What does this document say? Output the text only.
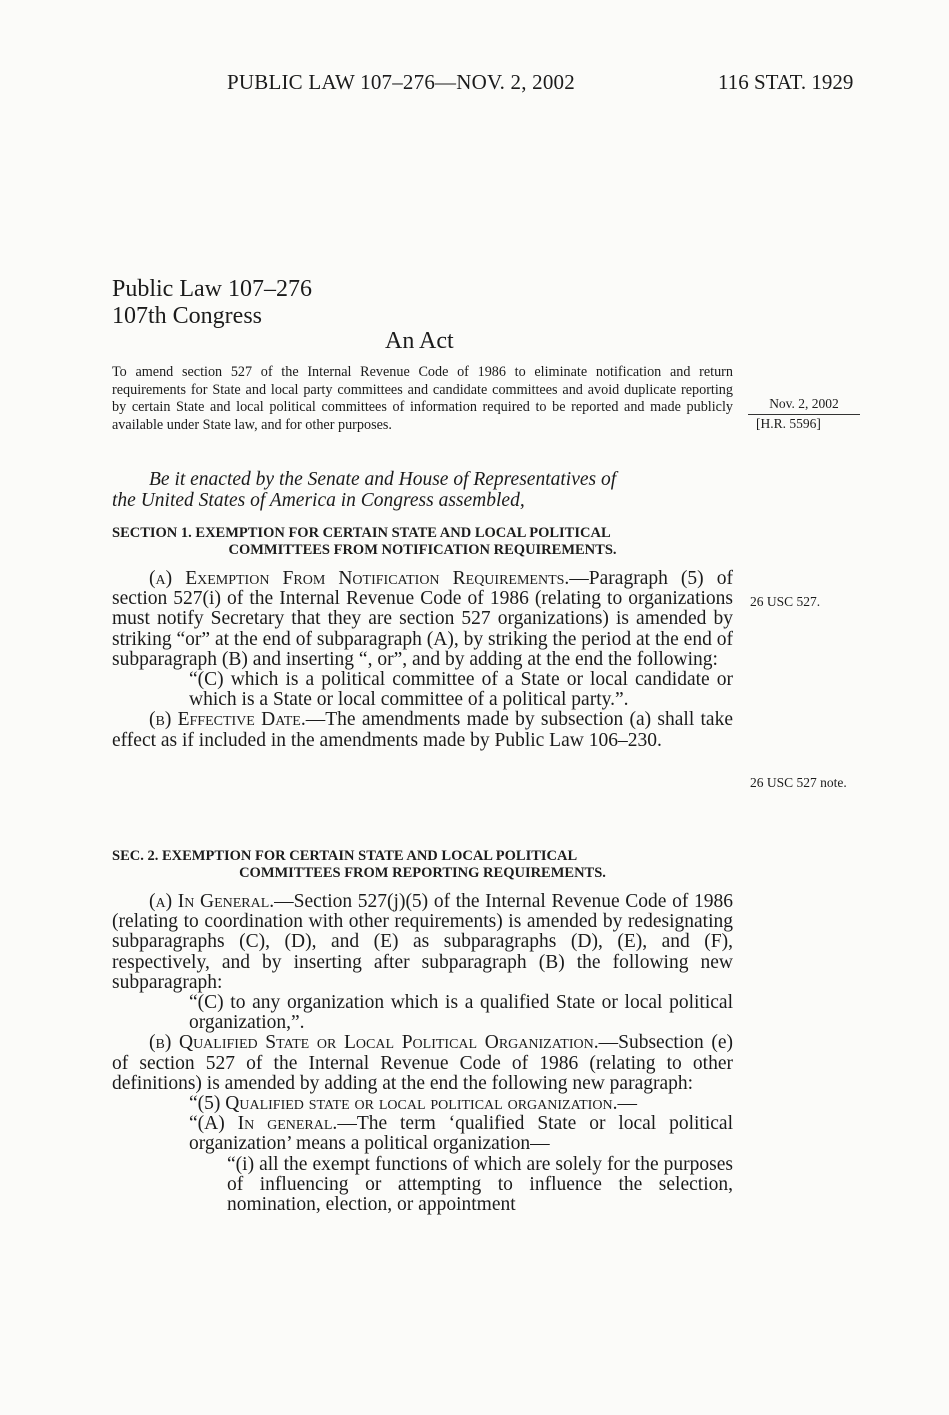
PUBLIC LAW 107–276—NOV. 2, 2002	116 STAT. 1929
Public Law 107–276
107th Congress
An Act
To amend section 527 of the Internal Revenue Code of 1986 to eliminate notification and return requirements for State and local party committees and candidate committees and avoid duplicate reporting by certain State and local political committees of information required to be reported and made publicly available under State law, and for other purposes.
Nov. 2, 2002
[H.R. 5596]
26 USC 527.
26 USC 527 note.
Be it enacted by the Senate and House of Representatives of
the United States of America in Congress assembled,
SECTION 1. EXEMPTION FOR CERTAIN STATE AND LOCAL POLITICAL
COMMITTEES FROM NOTIFICATION REQUIREMENTS.

(a) Exemption From Notification Requirements.—Paragraph (5) of section 527(i) of the Internal Revenue Code of 1986 (relating to organizations must notify Secretary that they are section 527 organizations) is amended by striking “or” at the end of subparagraph (A), by striking the period at the end of subparagraph (B) and inserting “, or”, and by adding at the end the following:

“(C) which is a political committee of a State or local candidate or which is a State or local committee of a political party.”.

(b) Effective Date.—The amendments made by subsection (a) shall take effect as if included in the amendments made by Public Law 106–230.

SEC. 2. EXEMPTION FOR CERTAIN STATE AND LOCAL POLITICAL
COMMITTEES FROM REPORTING REQUIREMENTS.

(a) In General.—Section 527(j)(5) of the Internal Revenue Code of 1986 (relating to coordination with other requirements) is amended by redesignating subparagraphs (C), (D), and (E) as subparagraphs (D), (E), and (F), respectively, and by inserting after subparagraph (B) the following new subparagraph:

“(C) to any organization which is a qualified State or local political organization,”.

(b) Qualified State or Local Political Organization.—Subsection (e) of section 527 of the Internal Revenue Code of 1986 (relating to other definitions) is amended by adding at the end the following new paragraph:

“(5) Qualified state or local political organization.—

“(A) In general.—The term ‘qualified State or local political organization’ means a political organization—

“(i) all the exempt functions of which are solely for the purposes of influencing or attempting to influence the selection, nomination, election, or appointment
